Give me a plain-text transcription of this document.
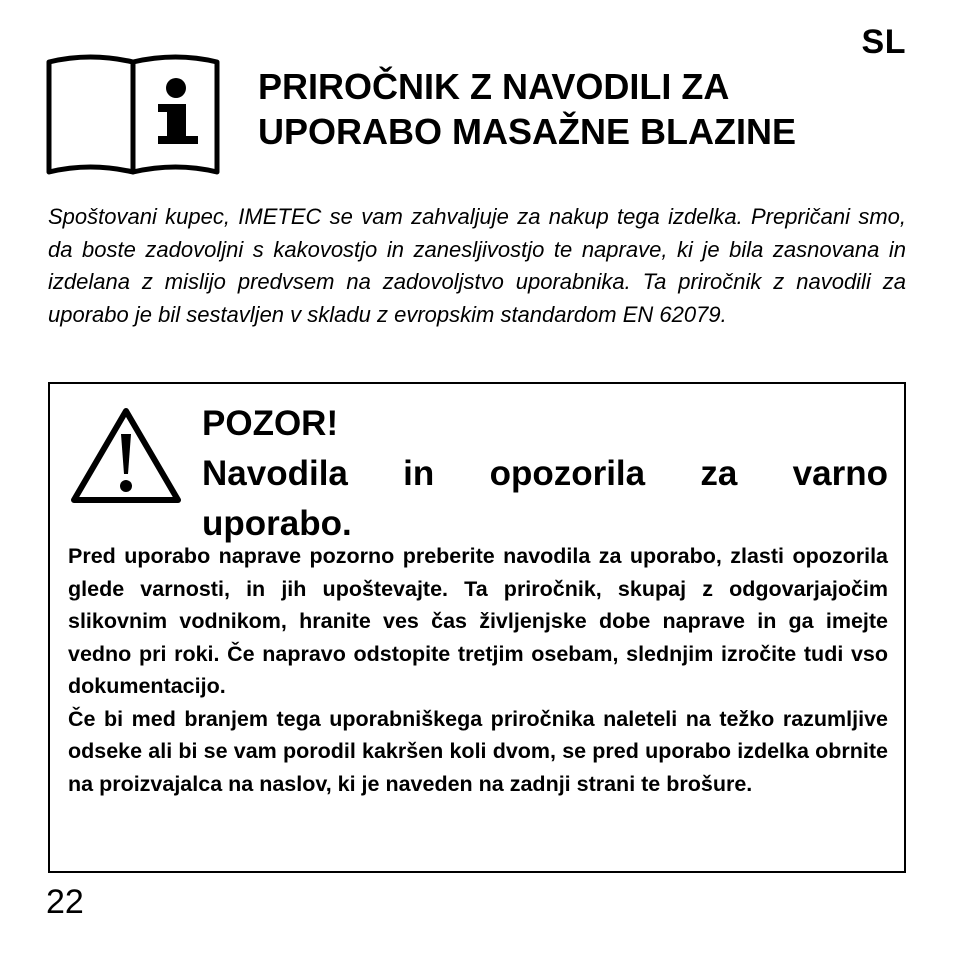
SL
PRIROČNIK Z NAVODILI ZA
UPORABO MASAŽNE BLAZINE

Spoštovani kupec, IMETEC se vam zahvaljuje za nakup tega izdelka. Prepričani smo, da boste zadovoljni s kakovostjo in zanesljivostjo te naprave, ki je bila zasnovana in izdelana z mislijo predvsem na zadovoljstvo uporabnika. Ta priročnik z navodili za uporabo je bil sestavljen v skladu z evropskim standardom EN 62079.

POZOR!
Navodila in opozorila za varno
uporabo.

Pred uporabo naprave pozorno preberite navodila za uporabo, zlasti opozorila glede varnosti, in jih upoštevajte. Ta priročnik, skupaj z odgovarjajočim slikovnim vodnikom, hranite ves čas življenjske dobe naprave in ga imejte vedno pri roki. Če napravo odstopite tretjim osebam, slednjim izročite tudi vso dokumentacijo.

Če bi med branjem tega uporabniškega priročnika naleteli na težko razumljive odseke ali bi se vam porodil kakršen koli dvom, se pred uporabo izdelka obrnite na proizvajalca na naslov, ki je naveden na zadnji strani te brošure.

22
